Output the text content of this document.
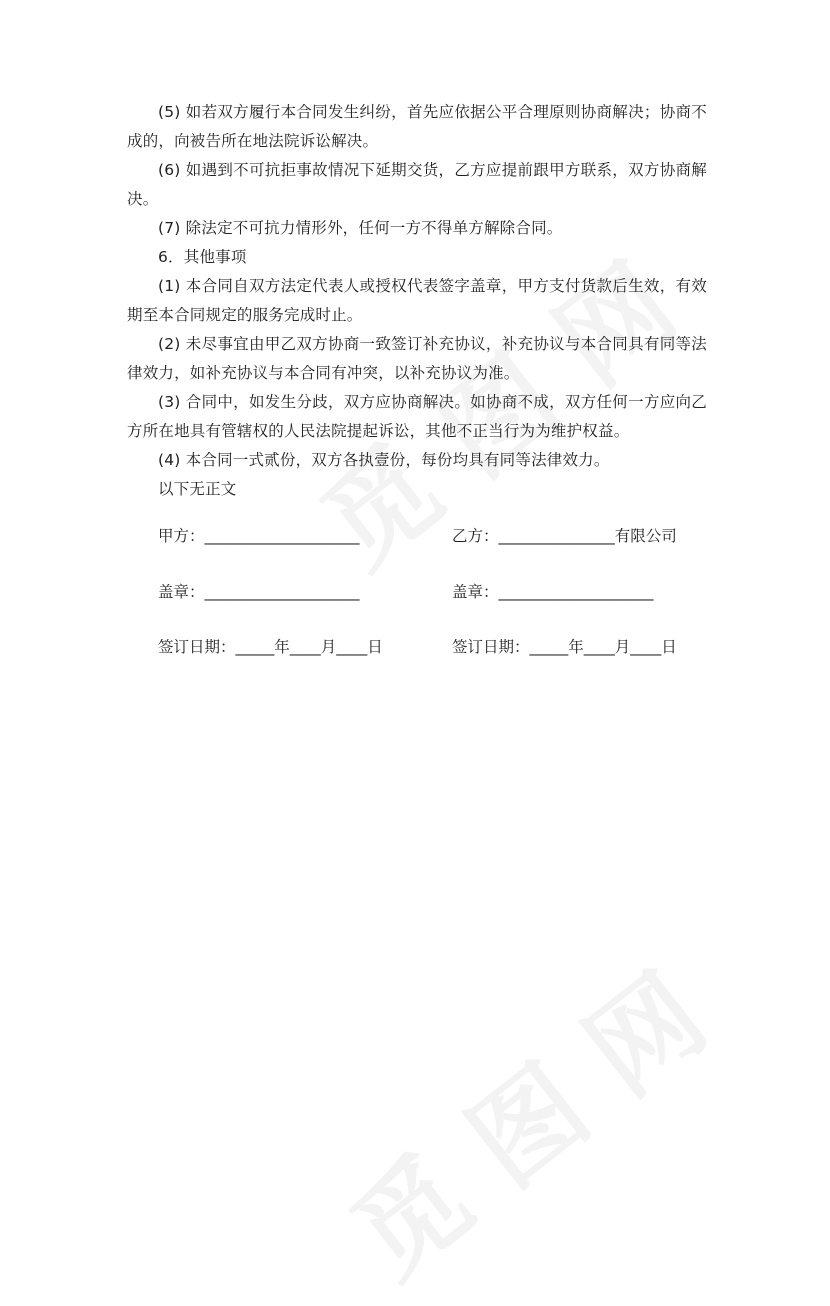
(5) 如若双方履行本合同发生纠纷，首先应依据公平合理原则协商解决；协商不成的，向被告所在地法院诉讼解决。

(6) 如遇到不可抗拒事故情况下延期交货，乙方应提前跟甲方联系，双方协商解决。

(7) 除法定不可抗力情形外，任何一方不得单方解除合同。

6．其他事项

(1) 本合同自双方法定代表人或授权代表签字盖章，甲方支付货款后生效，有效期至本合同规定的服务完成时止。

(2) 未尽事宜由甲乙双方协商一致签订补充协议，补充协议与本合同具有同等法律效力，如补充协议与本合同有冲突，以补充协议为准。

(3) 合同中，如发生分歧，双方应协商解决。如协商不成，双方任何一方应向乙方所在地具有管辖权的人民法院提起诉讼，其他不正当行为为维护权益。

(4) 本合同一式贰份，双方各执壹份，每份均具有同等法律效力。

以下无正文

甲方：____________________	乙方：_______________有限公司
盖章：____________________	盖章：____________________
签订日期：_____年____月____日	签订日期：_____年____月____日
